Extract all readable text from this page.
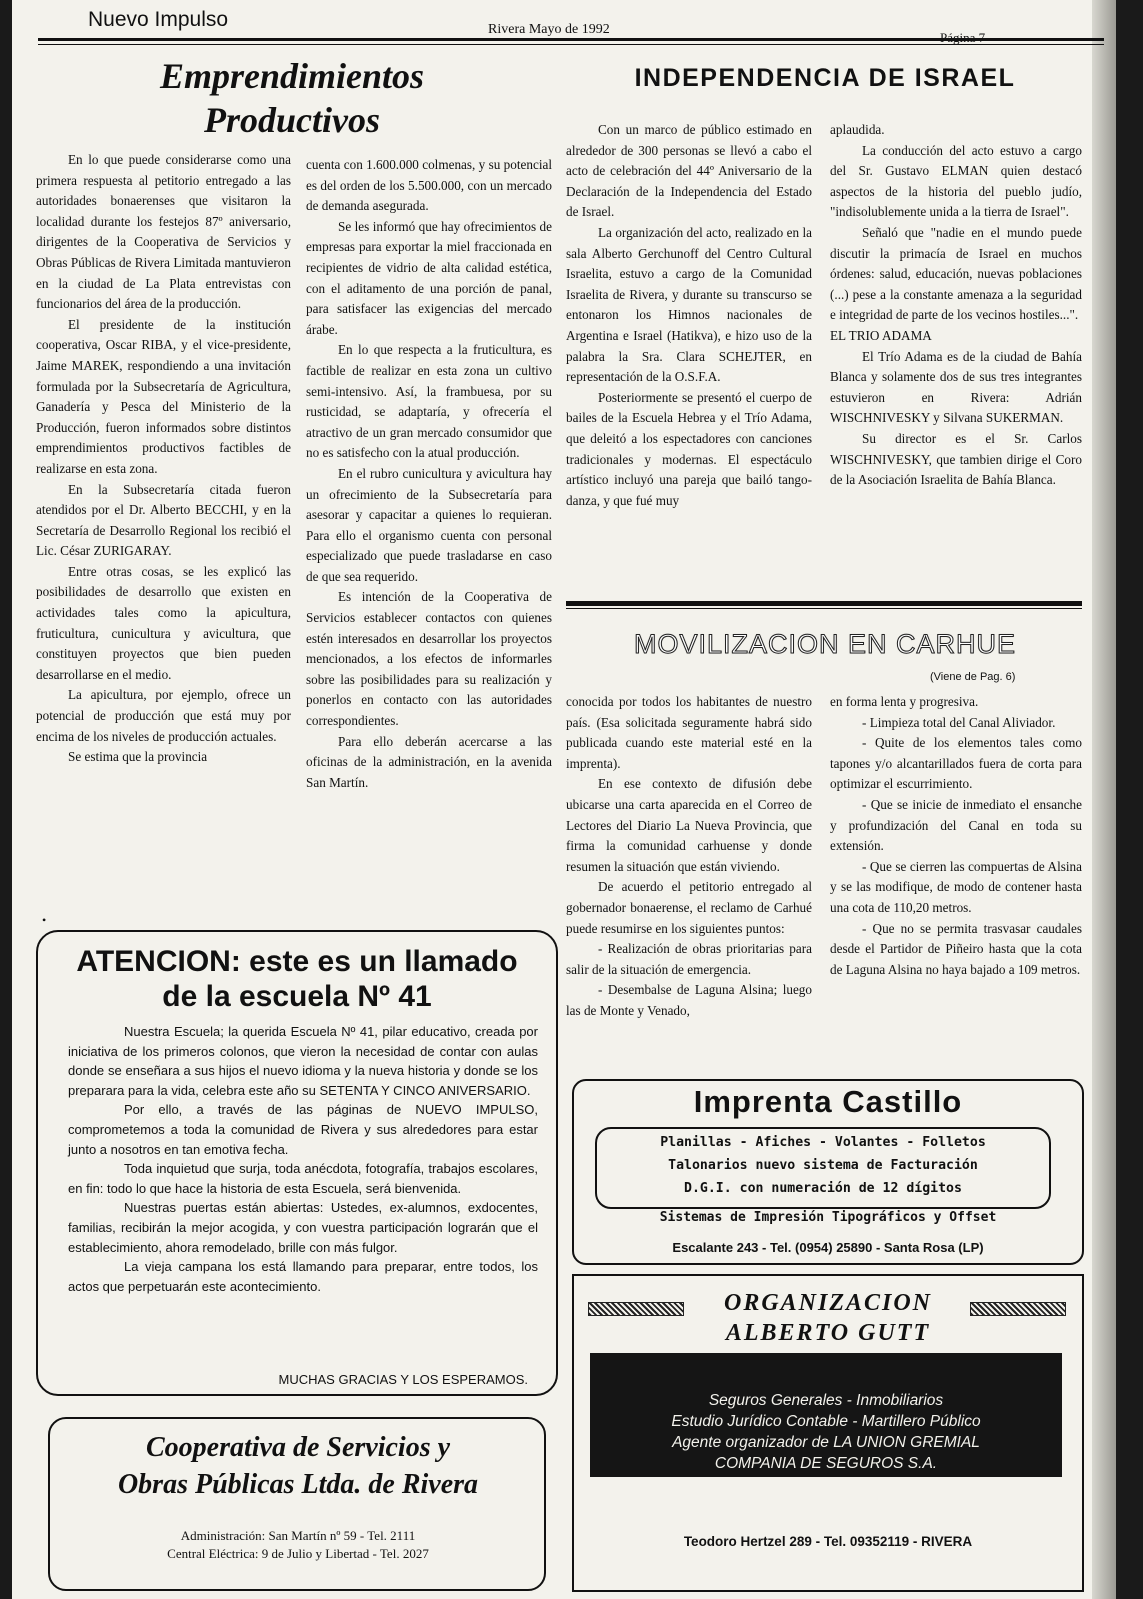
Nuevo Impulso	Rivera Mayo de 1992
Página 7
Emprendimientos Productivos

En lo que puede considerarse como una primera respuesta al petitorio entregado a las autoridades bonaerenses que visitaron la localidad durante los festejos 87º aniversario, dirigentes de la Cooperativa de Servicios y Obras Públicas de Rivera Limitada mantuvieron en la ciudad de La Plata entrevistas con funcionarios del área de la producción.

El presidente de la institución cooperativa, Oscar RIBA, y el vice-presidente, Jaime MAREK, respondiendo a una invitación formulada por la Subsecretaría de Agricultura, Ganadería y Pesca del Ministerio de la Producción, fueron informados sobre distintos emprendimientos productivos factibles de realizarse en esta zona.

En la Subsecretaría citada fueron atendidos por el Dr. Alberto BECCHI, y en la Secretaría de Desarrollo Regional los recibió el Lic. César ZURIGARAY.

Entre otras cosas, se les explicó las posibilidades de desarrollo que existen en actividades tales como la apicultura, fruticultura, cunicultura y avicultura, que constituyen proyectos que bien pueden desarrollarse en el medio.

La apicultura, por ejemplo, ofrece un potencial de producción que está muy por encima de los niveles de producción actuales.

Se estima que la provincia

cuenta con 1.600.000 colmenas, y su potencial es del orden de los 5.500.000, con un mercado de demanda asegurada.

Se les informó que hay ofrecimientos de empresas para exportar la miel fraccionada en recipientes de vidrio de alta calidad estética, con el aditamento de una porción de panal, para satisfacer las exigencias del mercado árabe.

En lo que respecta a la fruticultura, es factible de realizar en esta zona un cultivo semi-intensivo. Así, la frambuesa, por su rusticidad, se adaptaría, y ofrecería el atractivo de un gran mercado consumidor que no es satisfecho con la atual producción.

En el rubro cunicultura y avicultura hay un ofrecimiento de la Subsecretaría para asesorar y capacitar a quienes lo requieran. Para ello el organismo cuenta con personal especializado que puede trasladarse en caso de que sea requerido.

Es intención de la Cooperativa de Servicios establecer contactos con quienes estén interesados en desarrollar los proyectos mencionados, a los efectos de informarles sobre las posibilidades para su realización y ponerlos en contacto con las autoridades correspondientes.

Para ello deberán acercarse a las oficinas de la administración, en la avenida San Martín.

INDEPENDENCIA DE ISRAEL

Con un marco de público estimado en alrededor de 300 personas se llevó a cabo el acto de celebración del 44º Aniversario de la Declaración de la Independencia del Estado de Israel.

La organización del acto, realizado en la sala Alberto Gerchunoff del Centro Cultural Israelita, estuvo a cargo de la Comunidad Israelita de Rivera, y durante su transcurso se entonaron los Himnos nacionales de Argentina e Israel (Hatikva), e hizo uso de la palabra la Sra. Clara SCHEJTER, en representación de la O.S.F.A.

Posteriormente se presentó el cuerpo de bailes de la Escuela Hebrea y el Trío Adama, que deleitó a los espectadores con canciones tradicionales y modernas. El espectáculo artístico incluyó una pareja que bailó tango-danza, y que fué muy

aplaudida.

La conducción del acto estuvo a cargo del Sr. Gustavo ELMAN quien destacó aspectos de la historia del pueblo judío, "indisolublemente unida a la tierra de Israel".

Señaló que "nadie en el mundo puede discutir la primacía de Israel en muchos órdenes: salud, educación, nuevas poblaciones (...) pese a la constante amenaza a la seguridad e integridad de parte de los vecinos hostiles...".

EL TRIO ADAMA

El Trío Adama es de la ciudad de Bahía Blanca y solamente dos de sus tres integrantes estuvieron en Rivera: Adrián WISCHNIVESKY y Silvana SUKERMAN.

Su director es el Sr. Carlos WISCHNIVESKY, que tambien dirige el Coro de la Asociación Israelita de Bahía Blanca.

MOVILIZACION EN CARHUE
(Viene de Pag. 6)

conocida por todos los habitantes de nuestro país. (Esa solicitada seguramente habrá sido publicada cuando este material esté en la imprenta).

En ese contexto de difusión debe ubicarse una carta aparecida en el Correo de Lectores del Diario La Nueva Provincia, que firma la comunidad carhuense y donde resumen la situación que están viviendo.

De acuerdo el petitorio entregado al gobernador bonaerense, el reclamo de Carhué puede resumirse en los siguientes puntos:

- Realización de obras prioritarias para salir de la situación de emergencia.

- Desembalse de Laguna Alsina; luego las de Monte y Venado,

en forma lenta y progresiva.

- Limpieza total del Canal Aliviador.

- Quite de los elementos tales como tapones y/o alcantarillados fuera de corta para optimizar el escurrimiento.

- Que se inicie de inmediato el ensanche y profundización del Canal en toda su extensión.

- Que se cierren las compuertas de Alsina y se las modifique, de modo de contener hasta una cota de 110,20 metros.

- Que no se permita trasvasar caudales desde el Partidor de Piñeiro hasta que la cota de Laguna Alsina no haya bajado a 109 metros.

•
ATENCION: este es un llamado
de la escuela Nº 41

Nuestra Escuela; la querida Escuela Nº 41, pilar educativo, creada por iniciativa de los primeros colonos, que vieron la necesidad de contar con aulas donde se enseñara a sus hijos el nuevo idioma y la nueva historia y donde se los preparara para la vida, celebra este año su SETENTA Y CINCO ANIVERSARIO.

Por ello, a través de las páginas de NUEVO IMPULSO, comprometemos a toda la comunidad de Rivera y sus alrededores para estar junto a nosotros en tan emotiva fecha.

Toda inquietud que surja, toda anécdota, fotografía, trabajos escolares, en fin: todo lo que hace la historia de esta Escuela, será bienvenida.

Nuestras puertas están abiertas: Ustedes, ex-alumnos, exdocentes, familias, recibirán la mejor acogida, y con vuestra participación lograrán que el establecimiento, ahora remodelado, brille con más fulgor.

La vieja campana los está llamando para preparar, entre todos, los actos que perpetuarán este acontecimiento.

MUCHAS GRACIAS Y LOS ESPERAMOS.
Cooperativa de Servicios y
Obras Públicas Ltda. de Rivera
Administración: San Martín nº 59 - Tel. 2111
Central Eléctrica: 9 de Julio y Libertad - Tel. 2027
Imprenta Castillo
Planillas - Afiches - Volantes - Folletos
Talonarios nuevo sistema de Facturación
D.G.I. con numeración de 12 dígitos
Sistemas de Impresión Tipográficos y Offset
Escalante 243 - Tel. (0954) 25890 - Santa Rosa (LP)
ORGANIZACION
ALBERTO GUTT
Seguros Generales - Inmobiliarios
Estudio Jurídico Contable - Martillero Público
Agente organizador de LA UNION GREMIAL
COMPANIA DE SEGUROS S.A.
Teodoro Hertzel 289 - Tel. 09352119 - RIVERA
